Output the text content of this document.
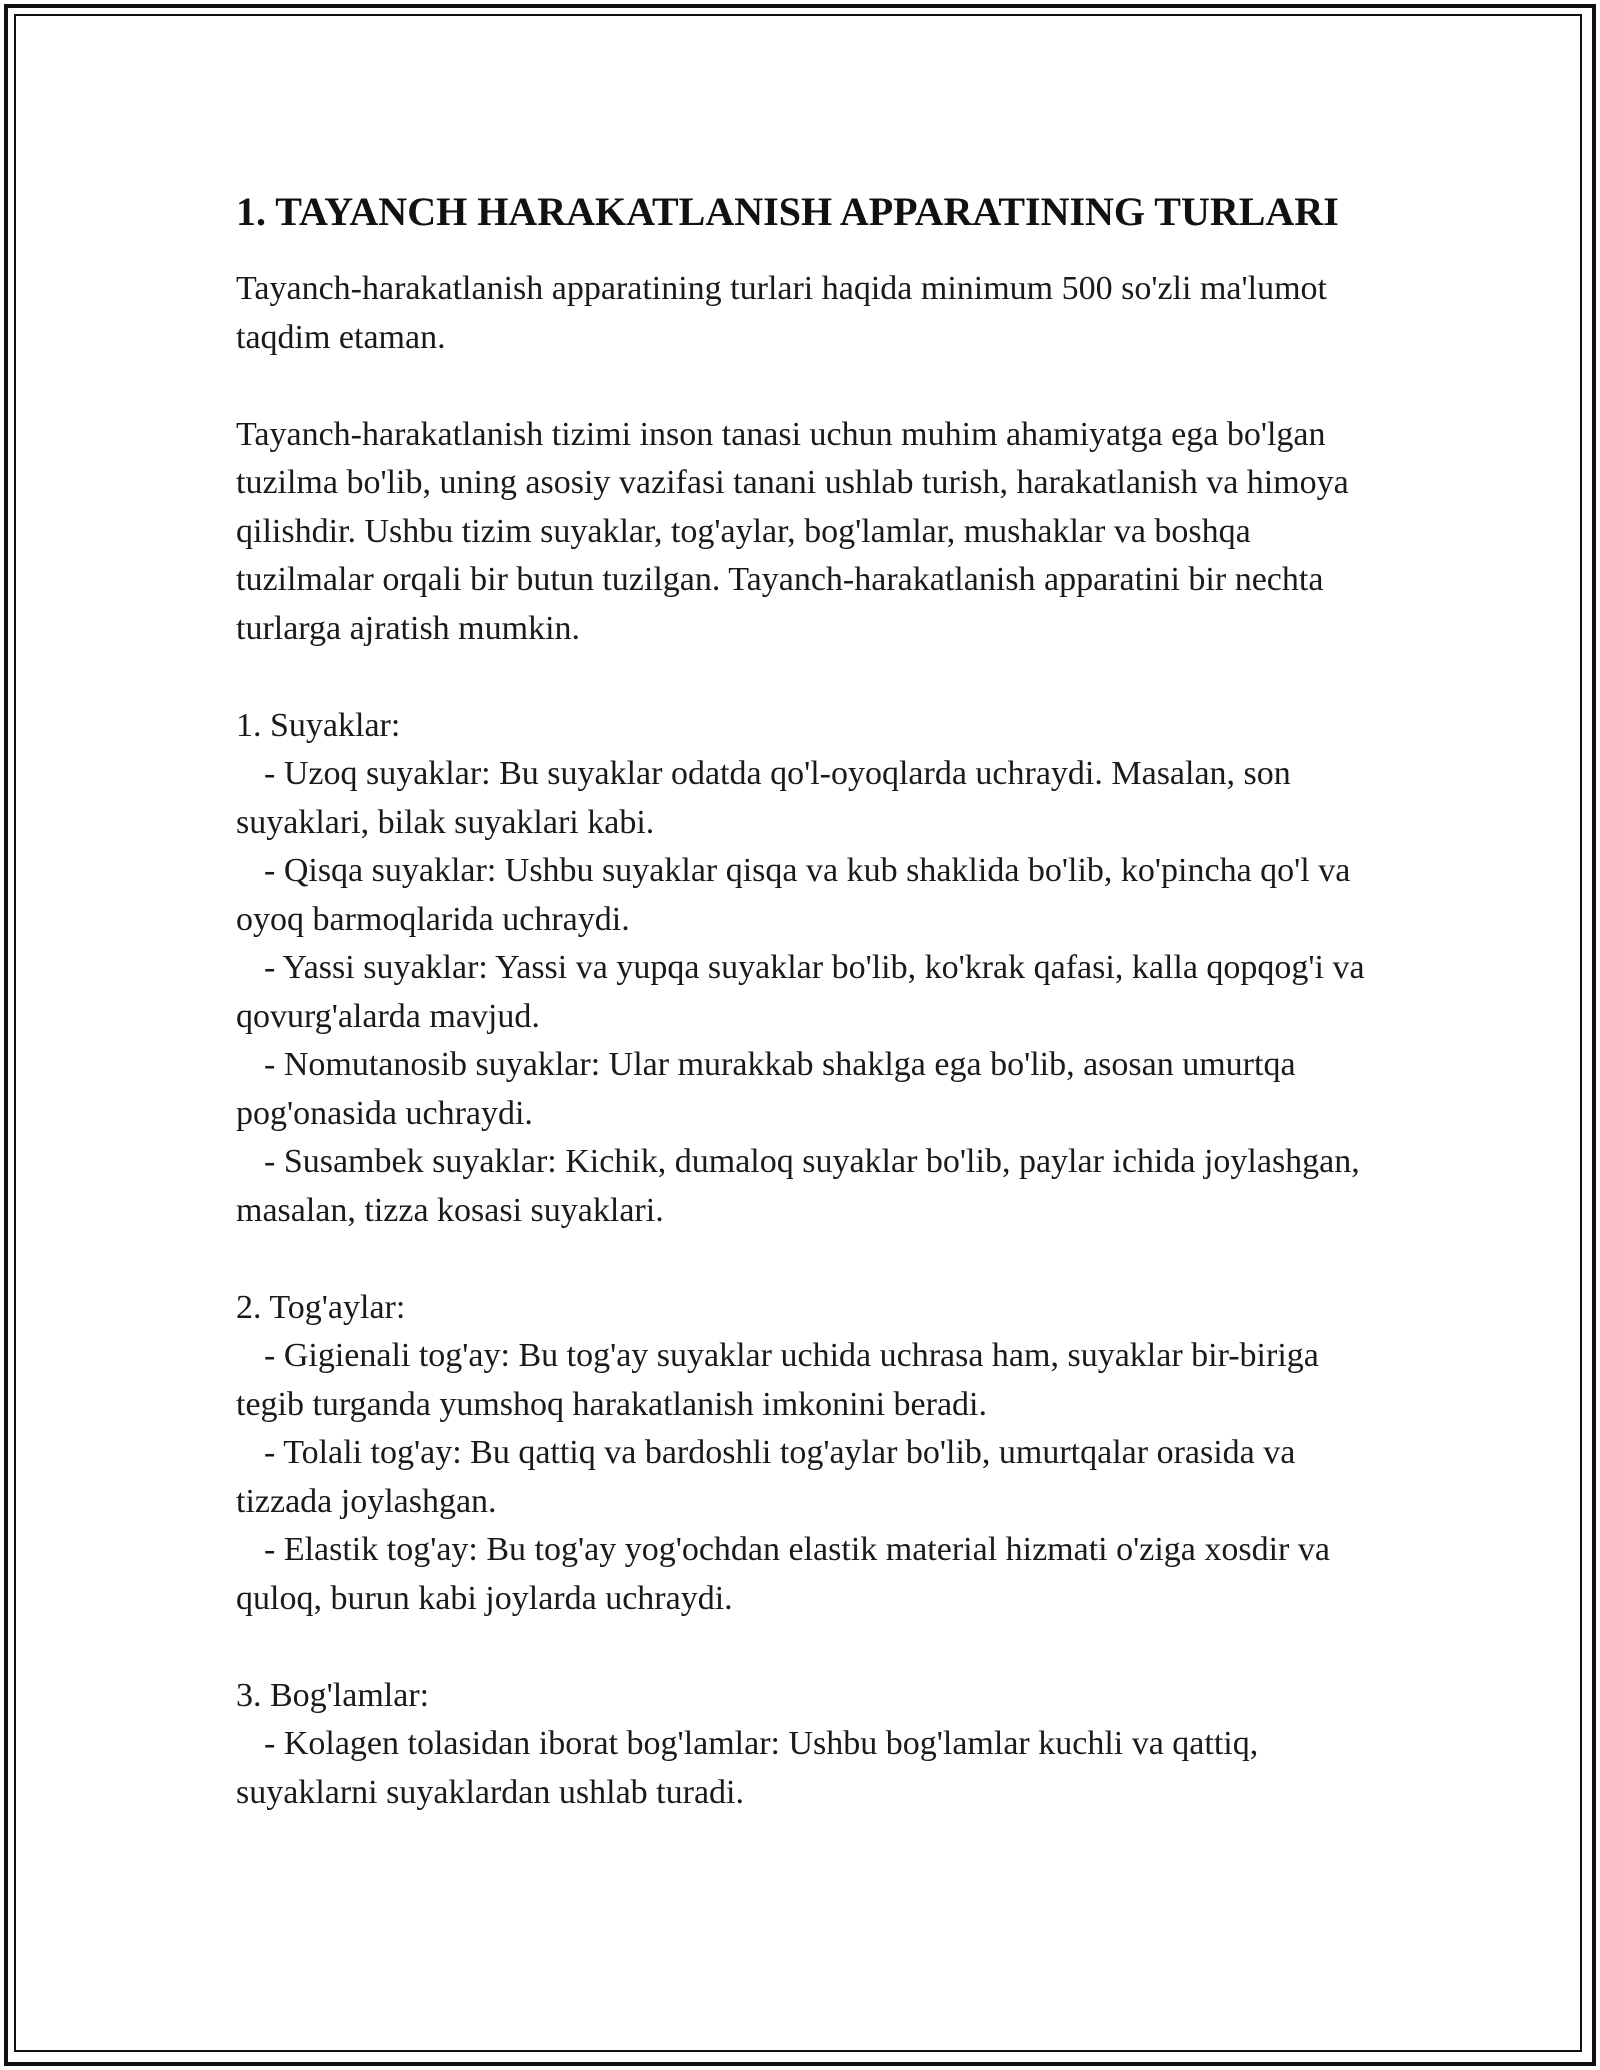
1. TAYANCH HARAKATLANISH APPARATINING TURLARI

Tayanch-harakatlanish apparatining turlari haqida minimum 500 so'zli ma'lumot taqdim etaman.

Tayanch-harakatlanish tizimi inson tanasi uchun muhim ahamiyatga ega bo'lgan tuzilma bo'lib, uning asosiy vazifasi tanani ushlab turish, harakatlanish va himoya qilishdir. Ushbu tizim suyaklar, tog'aylar, bog'lamlar, mushaklar va boshqa tuzilmalar orqali bir butun tuzilgan. Tayanch-harakatlanish apparatini bir nechta turlarga ajratish mumkin.

1. Suyaklar:

- Uzoq suyaklar: Bu suyaklar odatda qo'l-oyoqlarda uchraydi. Masalan, son suyaklari, bilak suyaklari kabi.

- Qisqa suyaklar: Ushbu suyaklar qisqa va kub shaklida bo'lib, ko'pincha qo'l va oyoq barmoqlarida uchraydi.

- Yassi suyaklar: Yassi va yupqa suyaklar bo'lib, ko'krak qafasi, kalla qopqog'i va qovurg'alarda mavjud.

- Nomutanosib suyaklar: Ular murakkab shaklga ega bo'lib, asosan umurtqa pog'onasida uchraydi.

- Susambek suyaklar: Kichik, dumaloq suyaklar bo'lib, paylar ichida joylashgan, masalan, tizza kosasi suyaklari.

2. Tog'aylar:

- Gigienali tog'ay: Bu tog'ay suyaklar uchida uchrasa ham, suyaklar bir-biriga tegib turganda yumshoq harakatlanish imkonini beradi.

- Tolali tog'ay: Bu qattiq va bardoshli tog'aylar bo'lib, umurtqalar orasida va tizzada joylashgan.

- Elastik tog'ay: Bu tog'ay yog'ochdan elastik material hizmati o'ziga xosdir va quloq, burun kabi joylarda uchraydi.

3. Bog'lamlar:

- Kolagen tolasidan iborat bog'lamlar: Ushbu bog'lamlar kuchli va qattiq, suyaklarni suyaklardan ushlab turadi.
